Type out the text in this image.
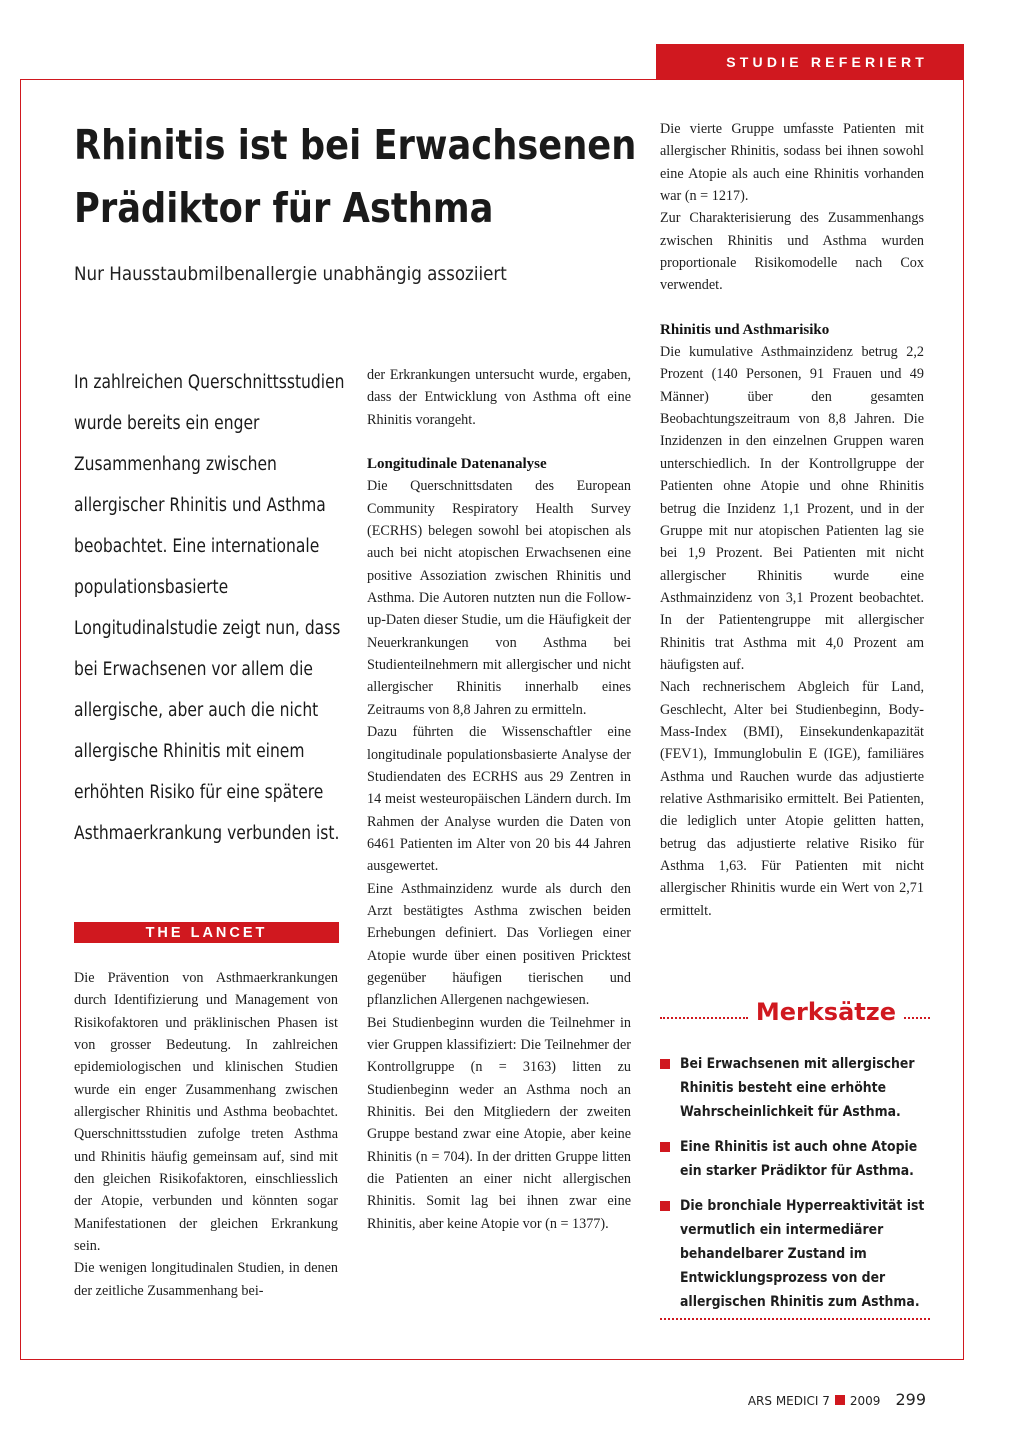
STUDIE REFERIERT
Rhinitis ist bei Erwachsenen
Prädiktor für Asthma

Nur Hausstaubmilbenallergie unabhängig assoziiert

In zahlreichen Querschnittsstudien wurde bereits ein enger Zusammenhang zwischen allergischer Rhinitis und Asthma beobachtet. Eine internationale populationsbasierte Longitudinalstudie zeigt nun, dass bei Erwachsenen vor allem die allergische, aber auch die nicht allergische Rhinitis mit einem erhöhten Risiko für eine spätere Asthmaerkrankung verbunden ist.
THE LANCET

Die Prävention von Asthmaerkrankungen durch Identifizierung und Management von Risikofaktoren und präklinischen Phasen ist von grosser Bedeutung. In zahlreichen epidemiologischen und klinischen Studien wurde ein enger Zusammenhang zwischen allergischer Rhinitis und Asthma beobachtet. Querschnittsstudien zufolge treten Asthma und Rhinitis häufig gemeinsam auf, sind mit den gleichen Risikofaktoren, einschliesslich der Atopie, verbunden und könnten sogar Manifestationen der gleichen Erkrankung sein.

Die wenigen longitudinalen Studien, in denen der zeitliche Zusammenhang bei-

der Erkrankungen untersucht wurde, ergaben, dass der Entwicklung von Asthma oft eine Rhinitis vorangeht.

Longitudinale Datenanalyse

Die Querschnittsdaten des European Community Respiratory Health Survey (ECRHS) belegen sowohl bei atopischen als auch bei nicht atopischen Erwachsenen eine positive Assoziation zwischen Rhinitis und Asthma. Die Autoren nutzten nun die Follow-up-Daten dieser Studie, um die Häufigkeit der Neuerkrankungen von Asthma bei Studienteilnehmern mit allergischer und nicht allergischer Rhinitis innerhalb eines Zeitraums von 8,8 Jahren zu ermitteln.

Dazu führten die Wissenschaftler eine longitudinale populationsbasierte Analyse der Studiendaten des ECRHS aus 29 Zentren in 14 meist westeuropäischen Ländern durch. Im Rahmen der Analyse wurden die Daten von 6461 Patienten im Alter von 20 bis 44 Jahren ausgewertet.

Eine Asthmainzidenz wurde als durch den Arzt bestätigtes Asthma zwischen beiden Erhebungen definiert. Das Vorliegen einer Atopie wurde über einen positiven Pricktest gegenüber häufigen tierischen und pflanzlichen Allergenen nachgewiesen.

Bei Studienbeginn wurden die Teilnehmer in vier Gruppen klassifiziert: Die Teilnehmer der Kontrollgruppe (n = 3163) litten zu Studienbeginn weder an Asthma noch an Rhinitis. Bei den Mitgliedern der zweiten Gruppe bestand zwar eine Atopie, aber keine Rhinitis (n = 704). In der dritten Gruppe litten die Patienten an einer nicht allergischen Rhinitis. Somit lag bei ihnen zwar eine Rhinitis, aber keine Atopie vor (n = 1377).

Die vierte Gruppe umfasste Patienten mit allergischer Rhinitis, sodass bei ihnen sowohl eine Atopie als auch eine Rhinitis vorhanden war (n = 1217).

Zur Charakterisierung des Zusammenhangs zwischen Rhinitis und Asthma wurden proportionale Risikomodelle nach Cox verwendet.

Rhinitis und Asthmarisiko

Die kumulative Asthmainzidenz betrug 2,2 Prozent (140 Personen, 91 Frauen und 49 Männer) über den gesamten Beobachtungszeitraum von 8,8 Jahren. Die Inzidenzen in den einzelnen Gruppen waren unterschiedlich. In der Kontrollgruppe der Patienten ohne Atopie und ohne Rhinitis betrug die Inzidenz 1,1 Prozent, und in der Gruppe mit nur atopischen Patienten lag sie bei 1,9 Prozent. Bei Patienten mit nicht allergischer Rhinitis wurde eine Asthmainzidenz von 3,1 Prozent beobachtet. In der Patientengruppe mit allergischer Rhinitis trat Asthma mit 4,0 Prozent am häufigsten auf.

Nach rechnerischem Abgleich für Land, Geschlecht, Alter bei Studienbeginn, Body-Mass-Index (BMI), Einsekundenkapazität (FEV1), Immunglobulin E (IGE), familiäres Asthma und Rauchen wurde das adjustierte relative Asthmarisiko ermittelt. Bei Patienten, die lediglich unter Atopie gelitten hatten, betrug das adjustierte relative Risiko für Asthma 1,63. Für Patienten mit nicht allergischer Rhinitis wurde ein Wert von 2,71 ermittelt.

Merksätze
Bei Erwachsenen mit allergischer Rhinitis besteht eine erhöhte Wahrscheinlichkeit für Asthma.
Eine Rhinitis ist auch ohne Atopie ein starker Prädiktor für Asthma.
Die bronchiale Hyperreaktivität ist vermutlich ein intermediärer behandelbarer Zustand im Entwicklungsprozess von der allergischen Rhinitis zum Asthma.
ARS MEDICI 7 2009 299
